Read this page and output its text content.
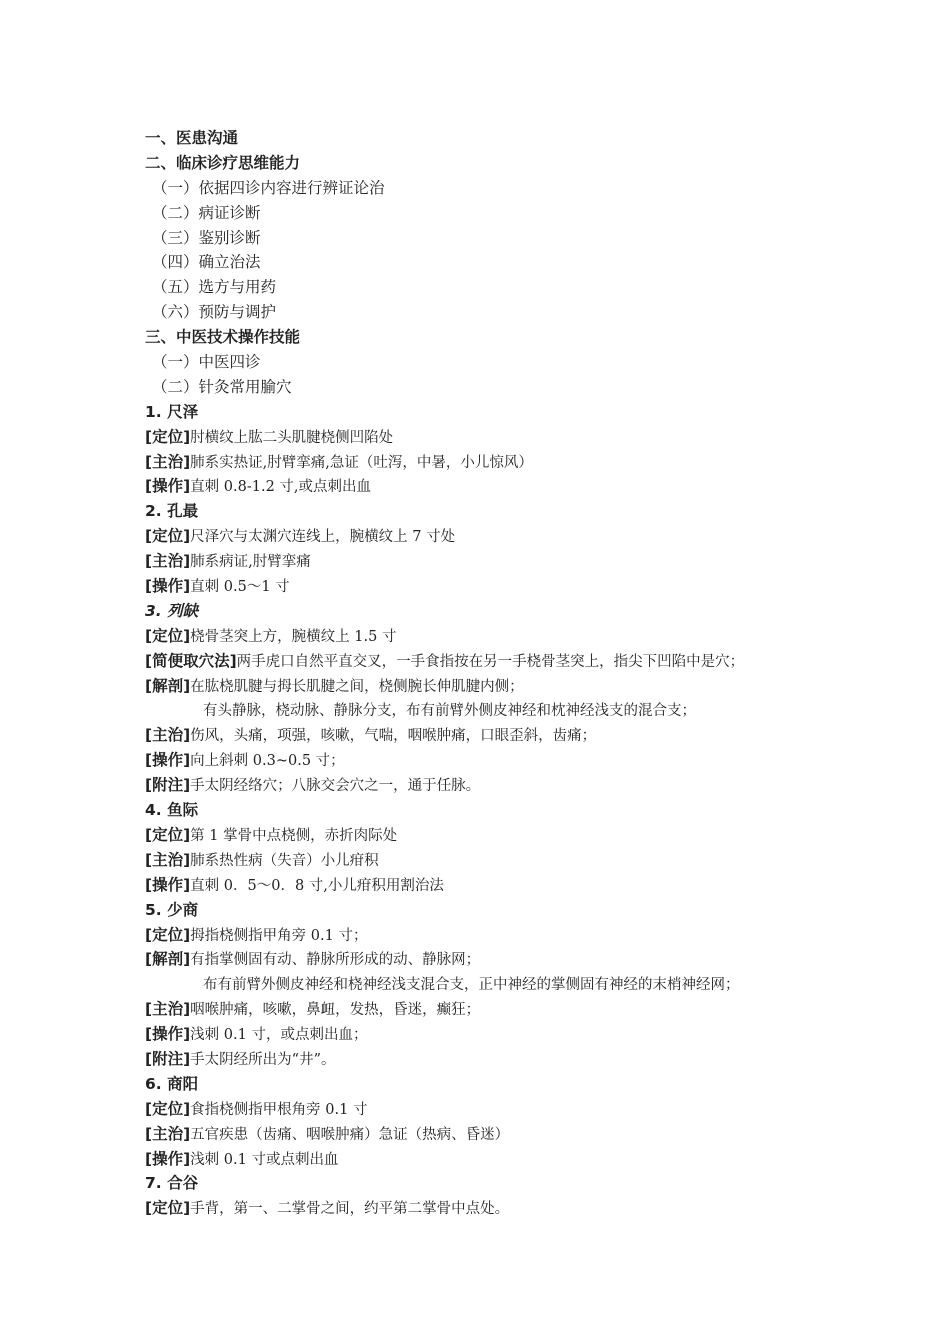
一、医患沟通
二、临床诊疗思维能力
（一）依据四诊内容进行辨证论治
（二）病证诊断
（三）鉴别诊断
（四）确立治法
（五）选方与用药
（六）预防与调护
三、中医技术操作技能
（一）中医四诊
（二）针灸常用腧穴
1. 尺泽
[定位]肘横纹上肱二头肌腱桡侧凹陷处
[主治]肺系实热证,肘臂挛痛,急证（吐泻，中暑，小儿惊风）
[操作]直刺 0.8-1.2 寸,或点刺出血
2. 孔最
[定位]尺泽穴与太渊穴连线上，腕横纹上 7 寸处
[主治]肺系病证,肘臂挛痛
[操作]直刺 0.5～1 寸
3. 列缺
[定位]桡骨茎突上方，腕横纹上 1.5 寸
[简便取穴法]两手虎口自然平直交叉，一手食指按在另一手桡骨茎突上，指尖下凹陷中是穴；
[解剖]在肱桡肌腱与拇长肌腱之间，桡侧腕长伸肌腱内侧；
有头静脉，桡动脉、静脉分支，布有前臂外侧皮神经和枕神经浅支的混合支；
[主治]伤风，头痛，项强，咳嗽，气喘，咽喉肿痛，口眼歪斜，齿痛；
[操作]向上斜刺 0.3~0.5 寸；
[附注]手太阴经络穴；八脉交会穴之一，通于任脉。
4. 鱼际
[定位]第 1 掌骨中点桡侧，赤折肉际处
[主治]肺系热性病（失音）小儿疳积
[操作]直刺 0．5～0．8 寸,小儿疳积用割治法
5. 少商
[定位]拇指桡侧指甲角旁 0.1 寸；
[解剖]有指掌侧固有动、静脉所形成的动、静脉网；
布有前臂外侧皮神经和桡神经浅支混合支，正中神经的掌侧固有神经的末梢神经网；
[主治]咽喉肿痛，咳嗽，鼻衄，发热，昏迷，癫狂；
[操作]浅刺 0.1 寸，或点刺出血；
[附注]手太阴经所出为“井”。
6. 商阳
[定位]食指桡侧指甲根角旁 0.1 寸
[主治]五官疾患（齿痛、咽喉肿痛）急证（热病、昏迷）
[操作]浅刺 0.1 寸或点刺出血
7. 合谷
[定位]手背，第一、二掌骨之间，约平第二掌骨中点处。
